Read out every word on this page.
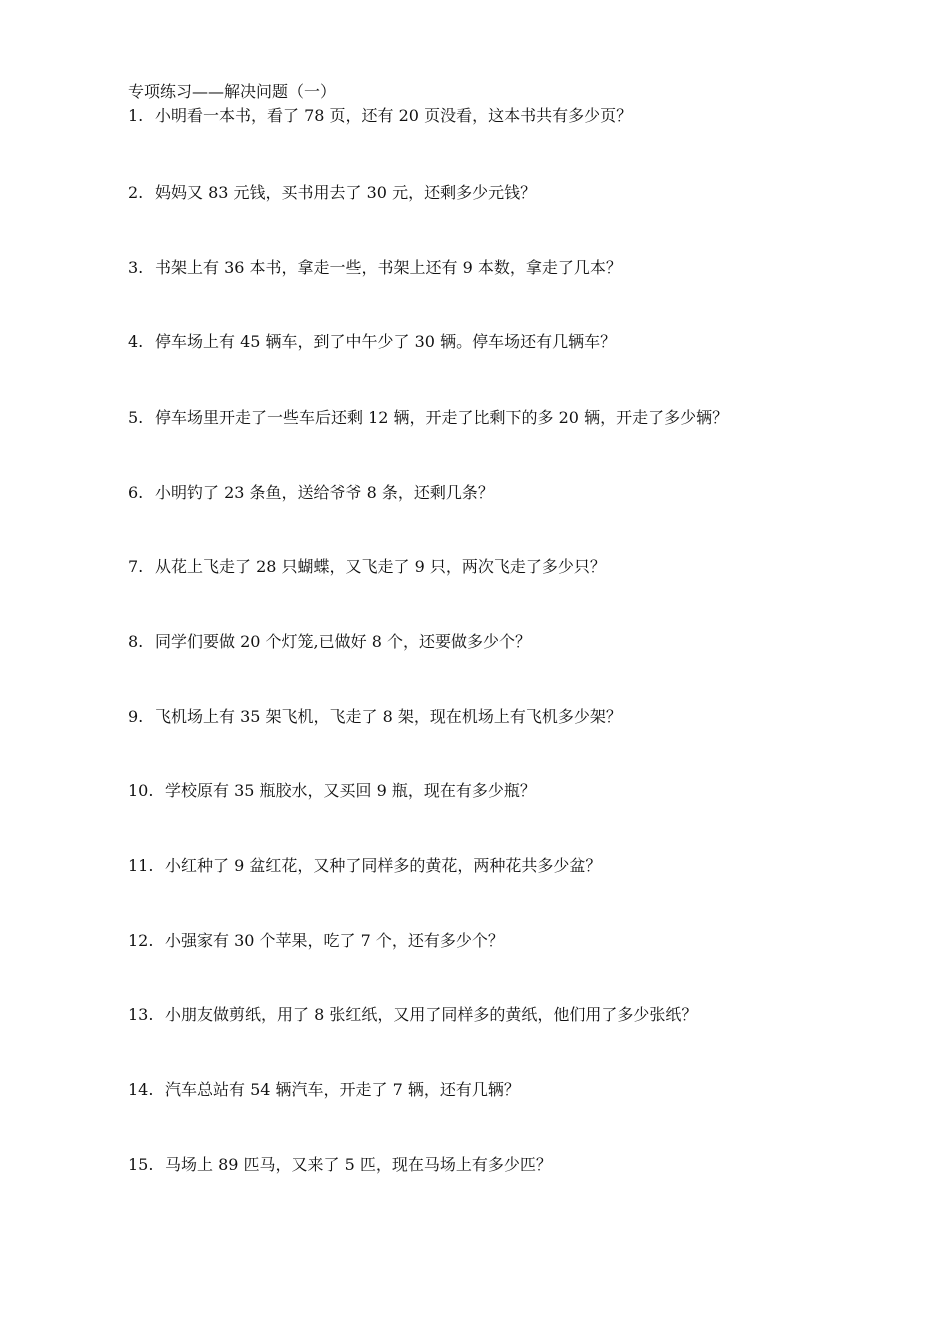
专项练习——解决问题（一）
1. 小明看一本书，看了 78 页，还有 20 页没看，这本书共有多少页？
2. 妈妈又 83 元钱，买书用去了 30 元，还剩多少元钱？
3. 书架上有 36 本书，拿走一些，书架上还有 9 本数，拿走了几本？
4. 停车场上有 45 辆车，到了中午少了 30 辆。停车场还有几辆车？
5. 停车场里开走了一些车后还剩 12 辆，开走了比剩下的多 20 辆，开走了多少辆？
6. 小明钓了 23 条鱼，送给爷爷 8 条，还剩几条？
7. 从花上飞走了 28 只蝴蝶，又飞走了 9 只，两次飞走了多少只？
8. 同学们要做 20 个灯笼,已做好 8 个，还要做多少个？
9. 飞机场上有 35 架飞机，飞走了 8 架，现在机场上有飞机多少架？
10. 学校原有 35 瓶胶水，又买回 9 瓶，现在有多少瓶？
11. 小红种了 9 盆红花，又种了同样多的黄花，两种花共多少盆？
12. 小强家有 30 个苹果，吃了 7 个，还有多少个？
13. 小朋友做剪纸，用了 8 张红纸，又用了同样多的黄纸，他们用了多少张纸？
14. 汽车总站有 54 辆汽车，开走了 7 辆，还有几辆？
15. 马场上 89 匹马，又来了 5 匹，现在马场上有多少匹？
